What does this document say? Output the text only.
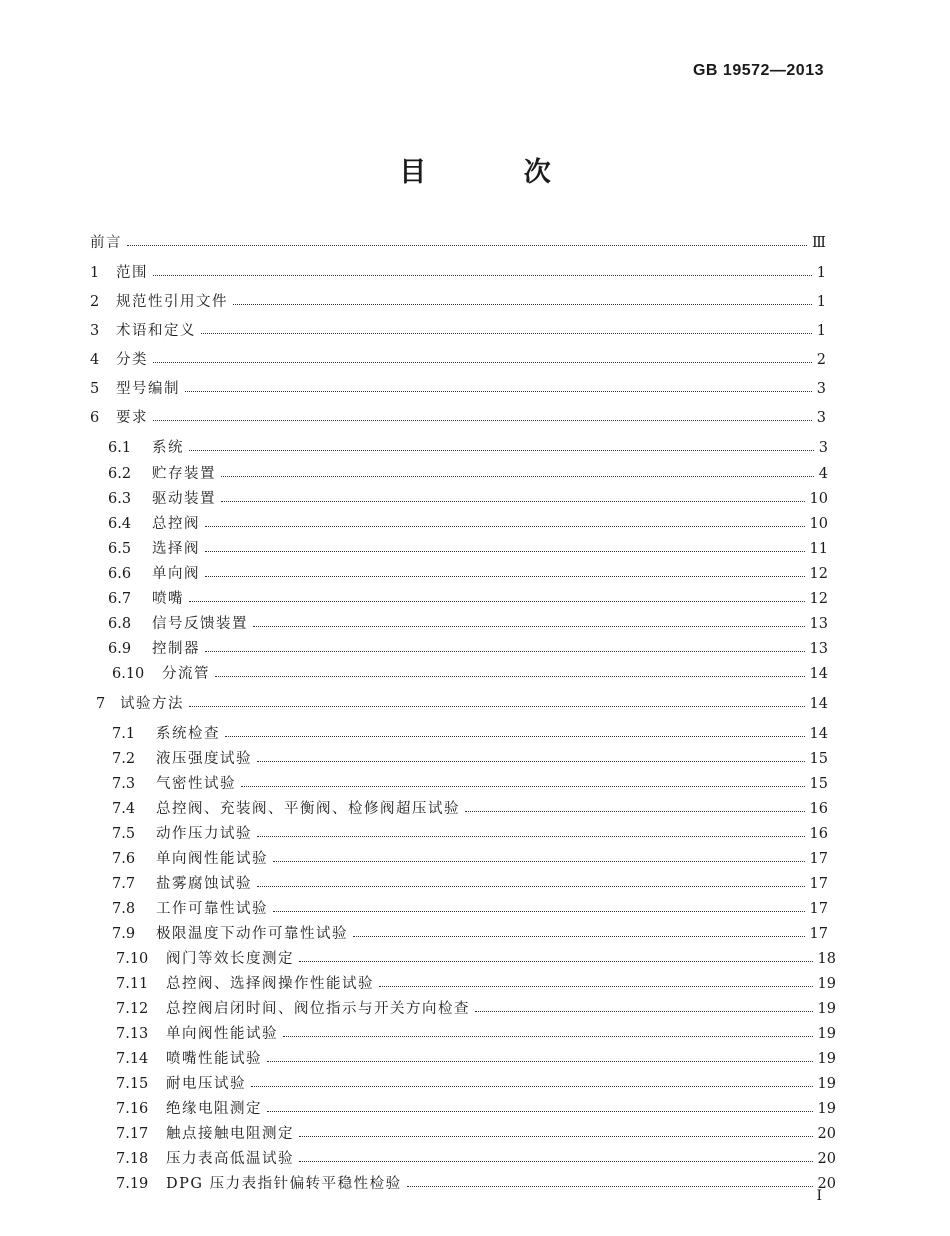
GB 19572—2013
目 次
前言	Ⅲ
1	范围	1
2	规范性引用文件	1
3	术语和定义	1
4	分类	2
5	型号编制	3
6	要求	3
6.1	系统	3
6.2	贮存装置	4
6.3	驱动装置	10
6.4	总控阀	10
6.5	选择阀	11
6.6	单向阀	12
6.7	喷嘴	12
6.8	信号反馈装置	13
6.9	控制器	13
6.10	分流管	14
7	试验方法	14
7.1	系统检查	14
7.2	液压强度试验	15
7.3	气密性试验	15
7.4	总控阀、充装阀、平衡阀、检修阀超压试验	16
7.5	动作压力试验	16
7.6	单向阀性能试验	17
7.7	盐雾腐蚀试验	17
7.8	工作可靠性试验	17
7.9	极限温度下动作可靠性试验	17
7.10	阀门等效长度测定	18
7.11	总控阀、选择阀操作性能试验	19
7.12	总控阀启闭时间、阀位指示与开关方向检查	19
7.13	单向阀性能试验	19
7.14	喷嘴性能试验	19
7.15	耐电压试验	19
7.16	绝缘电阻测定	19
7.17	触点接触电阻测定	20
7.18	压力表高低温试验	20
7.19	DPG 压力表指针偏转平稳性检验	20
I
